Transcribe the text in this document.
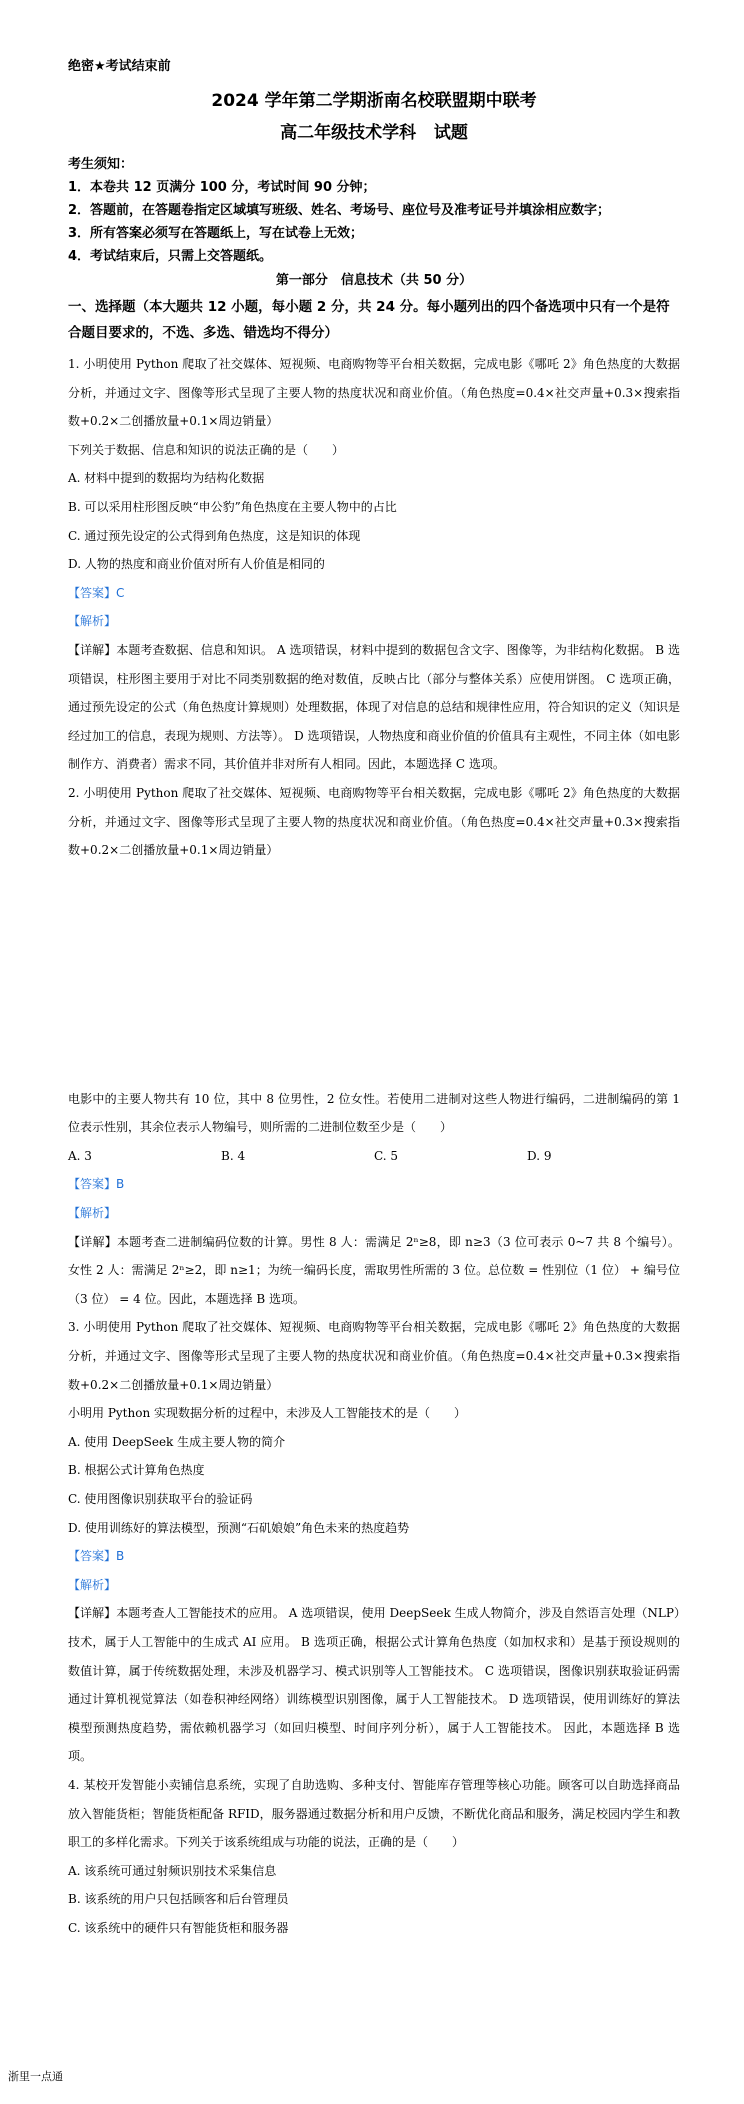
绝密★考试结束前
2024 学年第二学期浙南名校联盟期中联考
高二年级技术学科 试题
考生须知：
1．本卷共 12 页满分 100 分，考试时间 90 分钟；
2．答题前，在答题卷指定区域填写班级、姓名、考场号、座位号及准考证号并填涂相应数字；
3．所有答案必须写在答题纸上，写在试卷上无效；
4．考试结束后，只需上交答题纸。
第一部分　信息技术（共 50 分）
一、选择题（本大题共 12 小题，每小题 2 分，共 24 分。每小题列出的四个备选项中只有一个是符合题目要求的，不选、多选、错选均不得分）
1. 小明使用 Python 爬取了社交媒体、短视频、电商购物等平台相关数据，完成电影《哪吒 2》角色热度的大数据分析，并通过文字、图像等形式呈现了主要人物的热度状况和商业价值。（角色热度=0.4×社交声量+0.3×搜索指数+0.2×二创播放量+0.1×周边销量）
下列关于数据、信息和知识的说法正确的是（　　）
A. 材料中提到的数据均为结构化数据
B. 可以采用柱形图反映“申公豹”角色热度在主要人物中的占比
C. 通过预先设定的公式得到角色热度，这是知识的体现
D. 人物的热度和商业价值对所有人价值是相同的
【答案】C
【解析】
【详解】本题考查数据、信息和知识。 A 选项错误，材料中提到的数据包含文字、图像等，为非结构化数据。 B 选项错误，柱形图主要用于对比不同类别数据的绝对数值，反映占比（部分与整体关系）应使用饼图。 C 选项正确，通过预先设定的公式（角色热度计算规则）处理数据，体现了对信息的总结和规律性应用，符合知识的定义（知识是经过加工的信息，表现为规则、方法等）。 D 选项错误，人物热度和商业价值的价值具有主观性，不同主体（如电影制作方、消费者）需求不同，其价值并非对所有人相同。因此，本题选择 C 选项。
2. 小明使用 Python 爬取了社交媒体、短视频、电商购物等平台相关数据，完成电影《哪吒 2》角色热度的大数据分析，并通过文字、图像等形式呈现了主要人物的热度状况和商业价值。（角色热度=0.4×社交声量+0.3×搜索指数+0.2×二创播放量+0.1×周边销量）
电影中的主要人物共有 10 位，其中 8 位男性，2 位女性。若使用二进制对这些人物进行编码，二进制编码的第 1 位表示性别，其余位表示人物编号，则所需的二进制位数至少是（　　）
A. 3	B. 4	C. 5	D. 9
【答案】B
【解析】
【详解】本题考查二进制编码位数的计算。男性 8 人：需满足 2ⁿ≥8，即 n≥3（3 位可表示 0~7 共 8 个编号）。女性 2 人：需满足 2ⁿ≥2，即 n≥1；为统一编码长度，需取男性所需的 3 位。总位数 = 性别位（1 位） + 编号位（3 位） = 4 位。因此，本题选择 B 选项。
3. 小明使用 Python 爬取了社交媒体、短视频、电商购物等平台相关数据，完成电影《哪吒 2》角色热度的大数据分析，并通过文字、图像等形式呈现了主要人物的热度状况和商业价值。（角色热度=0.4×社交声量+0.3×搜索指数+0.2×二创播放量+0.1×周边销量）
小明用 Python 实现数据分析的过程中，未涉及人工智能技术的是（　　）
A. 使用 DeepSeek 生成主要人物的简介
B. 根据公式计算角色热度
C. 使用图像识别获取平台的验证码
D. 使用训练好的算法模型，预测“石矶娘娘”角色未来的热度趋势
【答案】B
【解析】
【详解】本题考查人工智能技术的应用。 A 选项错误，使用 DeepSeek 生成人物简介，涉及自然语言处理（NLP）技术，属于人工智能中的生成式 AI 应用。 B 选项正确，根据公式计算角色热度（如加权求和）是基于预设规则的数值计算，属于传统数据处理，未涉及机器学习、模式识别等人工智能技术。 C 选项错误，图像识别获取验证码需通过计算机视觉算法（如卷积神经网络）训练模型识别图像，属于人工智能技术。 D 选项错误，使用训练好的算法模型预测热度趋势，需依赖机器学习（如回归模型、时间序列分析），属于人工智能技术。 因此，本题选择 B 选项。
4. 某校开发智能小卖铺信息系统，实现了自助选购、多种支付、智能库存管理等核心功能。顾客可以自助选择商品放入智能货柜；智能货柜配备 RFID，服务器通过数据分析和用户反馈，不断优化商品和服务，满足校园内学生和教职工的多样化需求。下列关于该系统组成与功能的说法，正确的是（　　）
A. 该系统可通过射频识别技术采集信息
B. 该系统的用户只包括顾客和后台管理员
C. 该系统中的硬件只有智能货柜和服务器
浙里一点通
